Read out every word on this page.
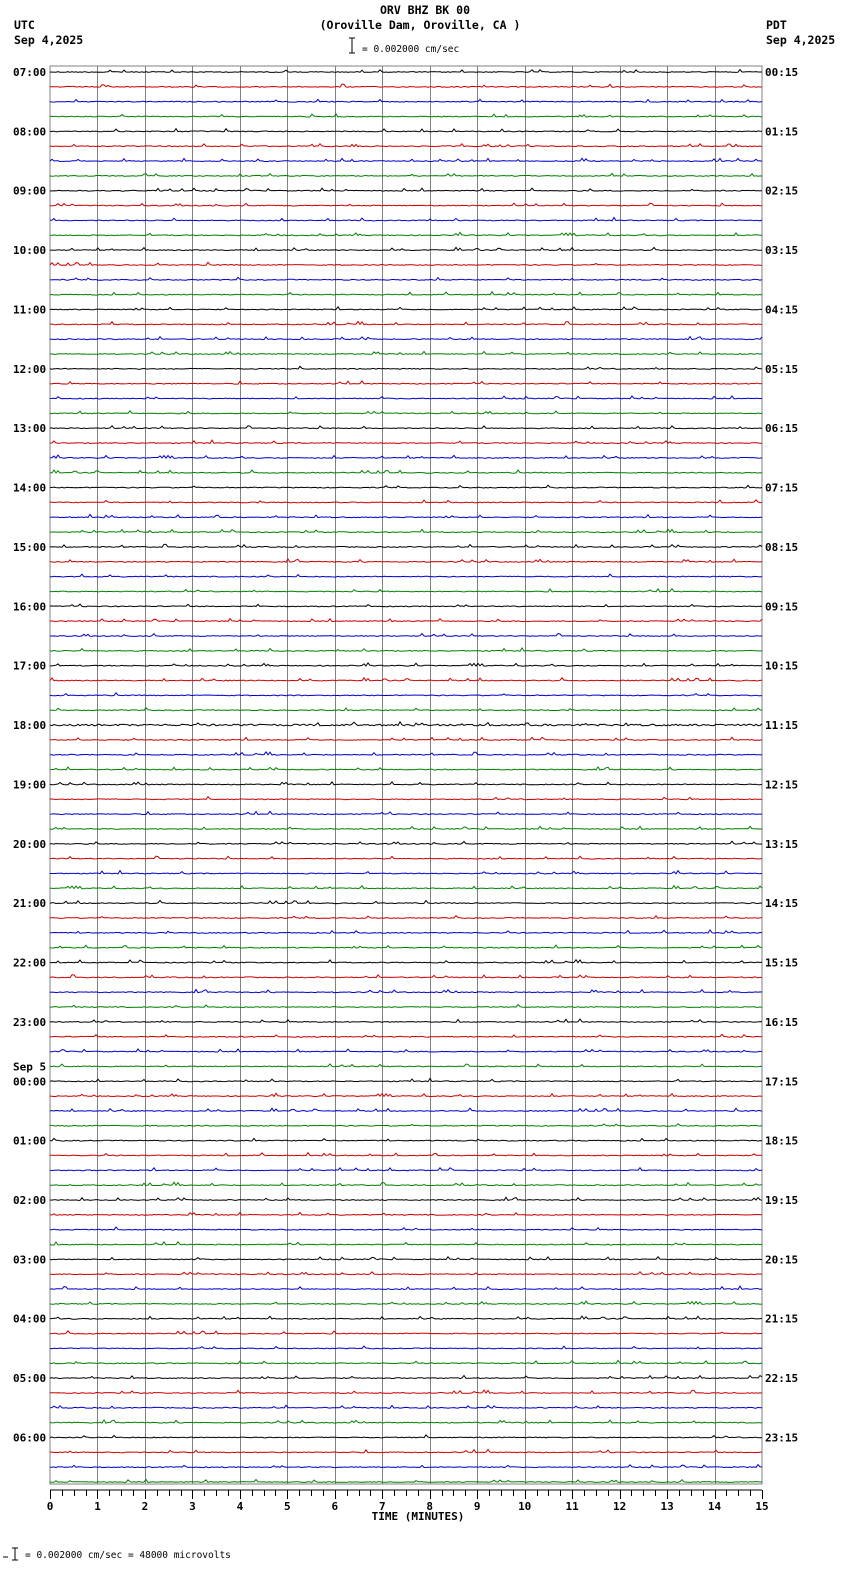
ORV BHZ BK 00
(Oroville Dam, Oroville, CA )
UTC
Sep 4,2025
PDT
Sep 4,2025
= 0.002000 cm/sec
07:00
08:00
09:00
10:00
11:00
12:00
13:00
14:00
15:00
16:00
17:00
18:00
19:00
20:00
21:00
22:00
23:00
00:00
Sep 5
01:00
02:00
03:00
04:00
05:00
06:00
00:15
01:15
02:15
03:15
04:15
05:15
06:15
07:15
08:15
09:15
10:15
11:15
12:15
13:15
14:15
15:15
16:15
17:15
18:15
19:15
20:15
21:15
22:15
23:15
0	1	2	3	4	5	6	7	8	9	10	11	12	13	14	15
TIME (MINUTES)
= 0.002000 cm/sec = 48000 microvolts
